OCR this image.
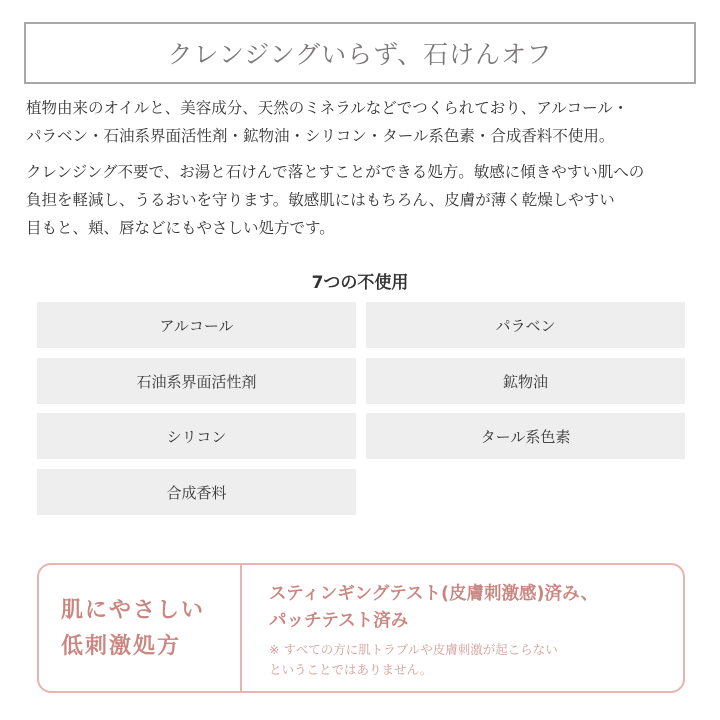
クレンジングいらず、石けんオフ
植物由来のオイルと、美容成分、天然のミネラルなどでつくられており、アルコール・
パラベン・石油系界面活性剤・鉱物油・シリコン・タール系色素・合成香料不使用。
クレンジング不要で、お湯と石けんで落とすことができる処方。敏感に傾きやすい肌への
負担を軽減し、うるおいを守ります。敏感肌にはもちろん、皮膚が薄く乾燥しやすい
目もと、頬、唇などにもやさしい処方です。
7つの不使用
アルコール	パラベン
石油系界面活性剤	鉱物油
シリコン	タール系色素
合成香料
肌にやさしい
低刺激処方
スティンギングテスト(皮膚刺激感)済み、
パッチテスト済み
※ すべての方に肌トラブルや皮膚刺激が起こらない
ということではありません。
